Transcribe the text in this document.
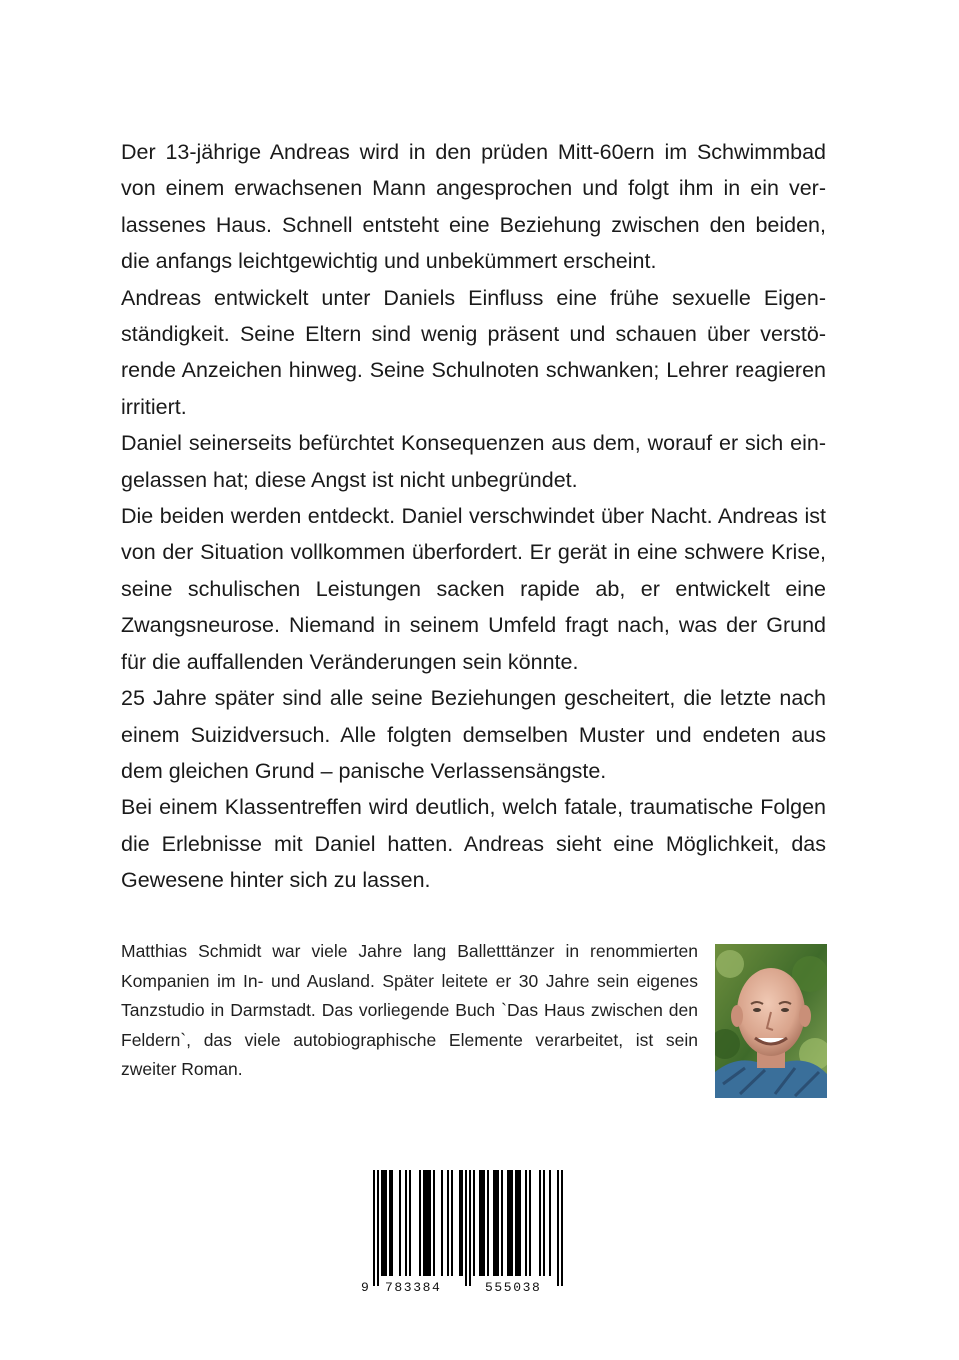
Der 13-jährige Andreas wird in den prüden Mitt-60ern im Schwimmbad von einem erwachsenen Mann angesprochen und folgt ihm in ein verlassenes Haus. Schnell entsteht eine Beziehung zwischen den beiden, die anfangs leichtgewichtig und unbekümmert erscheint.

Andreas entwickelt unter Daniels Einfluss eine frühe sexuelle Eigenständigkeit. Seine Eltern sind wenig präsent und schauen über verstörende Anzeichen hinweg. Seine Schulnoten schwanken; Lehrer reagieren irritiert.

Daniel seinerseits befürchtet Konsequenzen aus dem, worauf er sich eingelassen hat; diese Angst ist nicht unbegründet.

Die beiden werden entdeckt. Daniel verschwindet über Nacht. Andreas ist von der Situation vollkommen überfordert. Er gerät in eine schwere Krise, seine schulischen Leistungen sacken rapide ab, er entwickelt eine Zwangsneurose. Niemand in seinem Umfeld fragt nach, was der Grund für die auffallenden Veränderungen sein könnte.

25 Jahre später sind alle seine Beziehungen gescheitert, die letzte nach einem Suizidversuch. Alle folgten demselben Muster und endeten aus dem gleichen Grund – panische Verlassensängste.

Bei einem Klassentreffen wird deutlich, welch fatale, traumatische Folgen die Erlebnisse mit Daniel hatten. Andreas sieht eine Möglichkeit, das Gewesene hinter sich zu lassen.

Matthias Schmidt war viele Jahre lang Balletttänzer in renommierten Kompanien im In- und Ausland. Später leitete er 30 Jahre sein eigenes Tanzstudio in Darmstadt. Das vorliegende Buch `Das Haus zwischen den Feldern`, das viele autobiographische Elemente verarbeitet, ist sein zweiter Roman.
9 783384	555038
